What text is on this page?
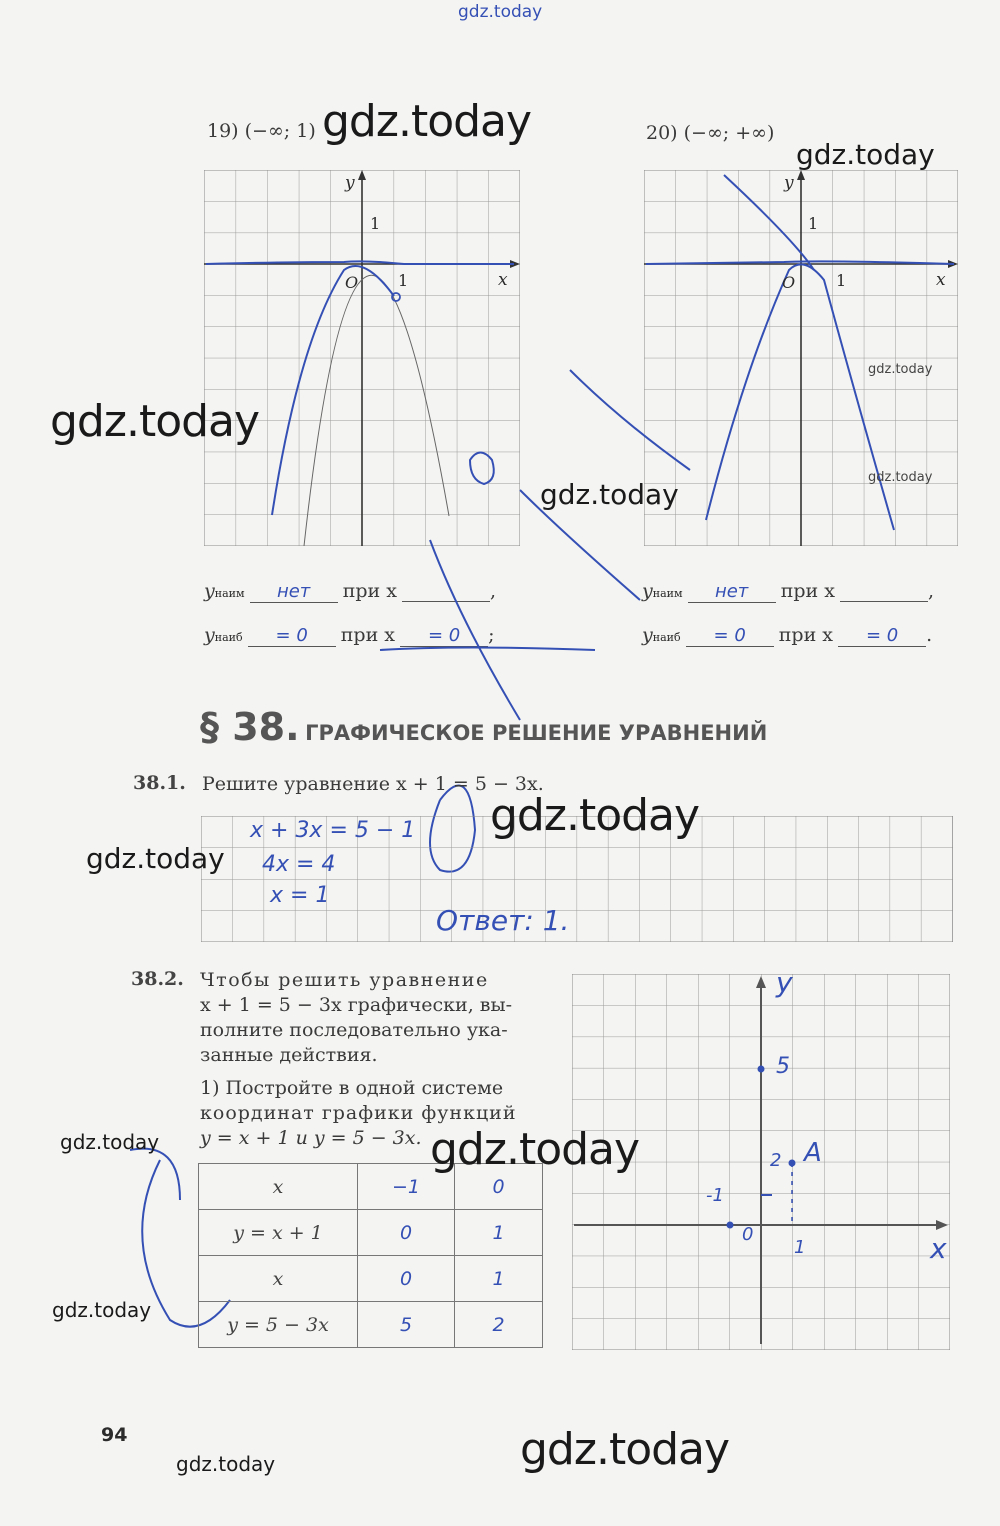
gdz.today
19) (−∞; 1)
y
x
1
1
O
yнаим нет при x	,
yнаиб = 0 при x = 0 ;
20) (−∞; +∞)
y
x
1
1
O
yнаим нет при x	,
yнаиб = 0 при x = 0 .
§ 38. ГРАФИЧЕСКОЕ РЕШЕНИЕ УРАВНЕНИЙ
38.1. Решите уравнение x + 1 = 5 − 3x.
x + 3x = 5 − 1
4x = 4
x = 1
Ответ: 1.
38.2. Чтобы решить уравнение
x + 1 = 5 − 3x графически, вы-
полните последовательно ука-
занные действия.
1) Постройте в одной системе
координат графики функций
y = x + 1 и y = 5 − 3x.
x	−1	0
y = x + 1	0	1
x	0	1
y = 5 − 3x	5	2
y
x
5
2 A
-1
0
1
94
gdz.today
gdz.today
gdz.today
gdz.today
gdz.today
gdz.today
gdz.today
gdz.today
gdz.today	gdz.today
gdz.today
gdz.today
gdz.today
